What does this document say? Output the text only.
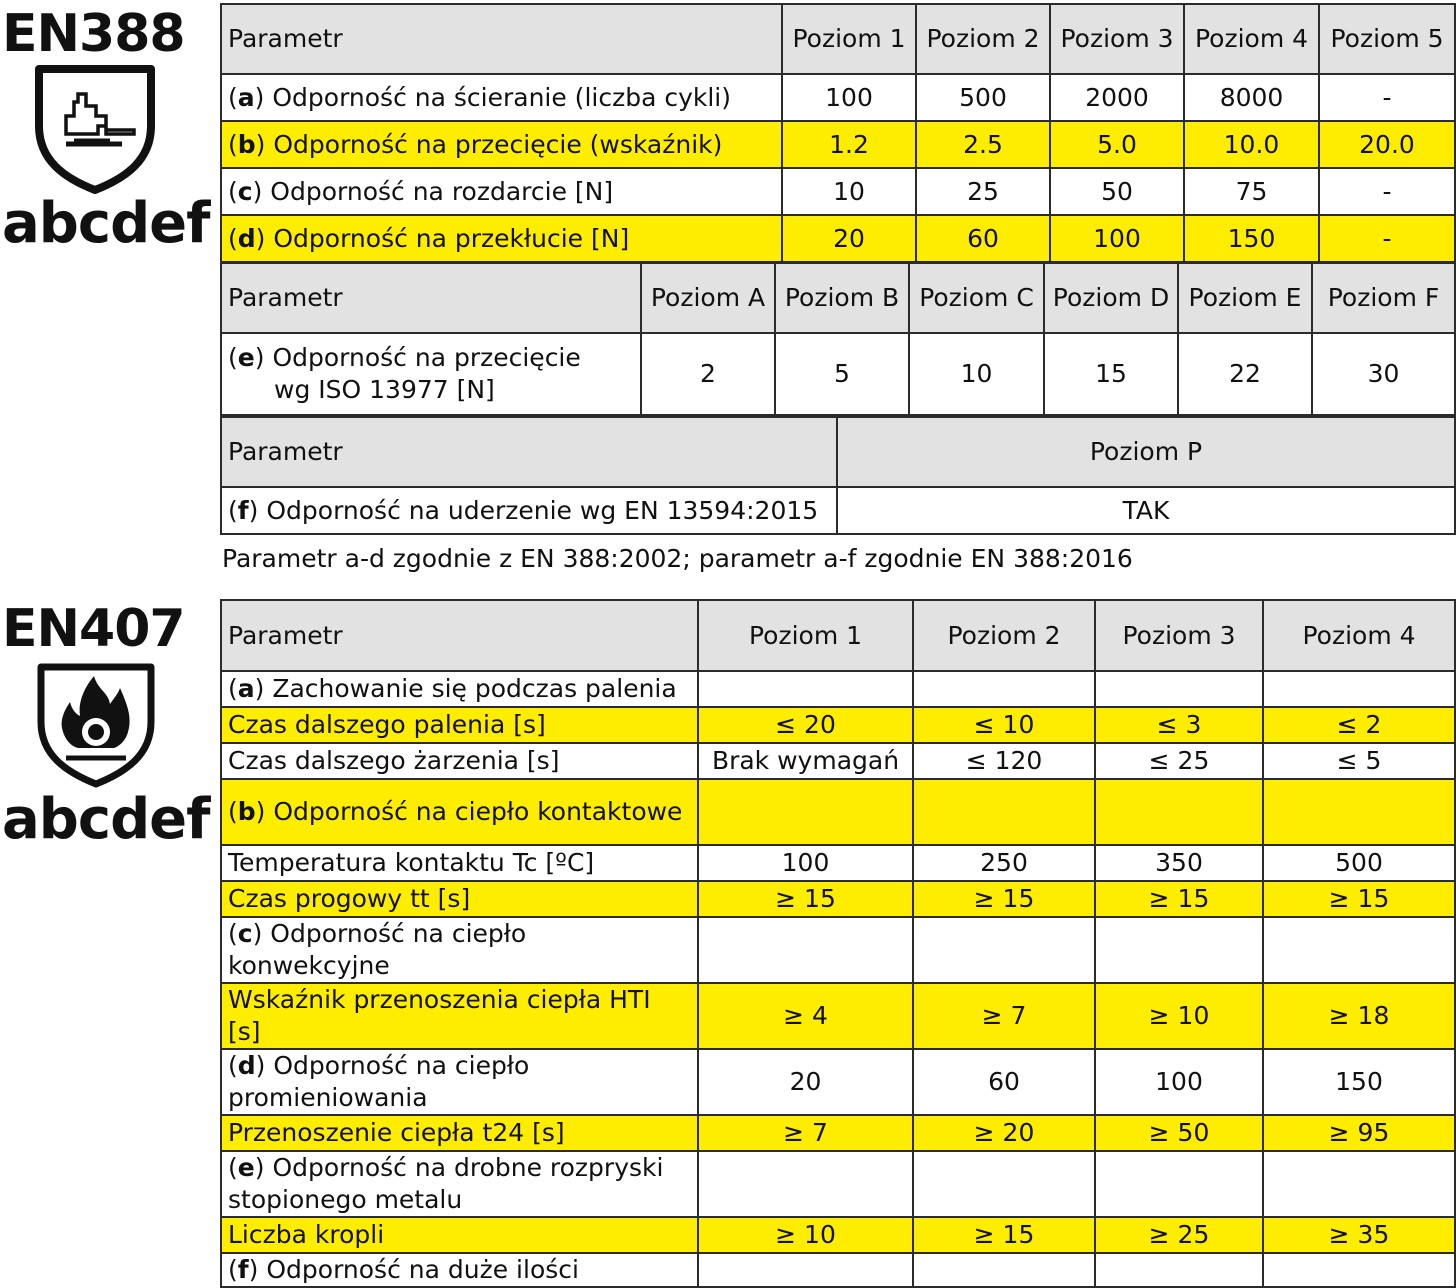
EN388
abcdef
Parametr	Poziom 1	Poziom 2	Poziom 3	Poziom 4	Poziom 5
(a) Odporność na ścieranie (liczba cykli)	100	500	2000	8000	-
(b) Odporność na przecięcie (wskaźnik)	1.2	2.5	5.0	10.0	20.0
(c) Odporność na rozdarcie [N]	10	25	50	75	-
(d) Odporność na przekłucie [N]	20	60	100	150	-
Parametr	Poziom A	Poziom B	Poziom C	Poziom D	Poziom E	Poziom F
(e) Odporność na przecięcie
wg ISO 13977 [N]	2	5	10	15	22	30
Parametr	Poziom P
(f) Odporność na uderzenie wg EN 13594:2015	TAK
Parametr a-d zgodnie z EN 388:2002; parametr a-f zgodnie EN 388:2016
EN407
abcdef
Parametr	Poziom 1	Poziom 2	Poziom 3	Poziom 4
(a) Zachowanie się podczas palenia				
Czas dalszego palenia [s]	≤ 20	≤ 10	≤ 3	≤ 2
Czas dalszego żarzenia [s]	Brak wymagań	≤ 120	≤ 25	≤ 5
(b) Odporność na ciepło kontaktowe				
Temperatura kontaktu Tc [ºC]	100	250	350	500
Czas progowy tt [s]	≥ 15	≥ 15	≥ 15	≥ 15
(c) Odporność na ciepło konwekcyjne				
Wskaźnik przenoszenia ciepła HTI [s]	≥ 4	≥ 7	≥ 10	≥ 18
(d) Odporność na ciepło promieniowania	20	60	100	150
Przenoszenie ciepła t24 [s]	≥ 7	≥ 20	≥ 50	≥ 95
(e) Odporność na drobne rozpryski stopionego metalu				
Liczba kropli	≥ 10	≥ 15	≥ 25	≥ 35
(f) Odporność na duże ilości				
